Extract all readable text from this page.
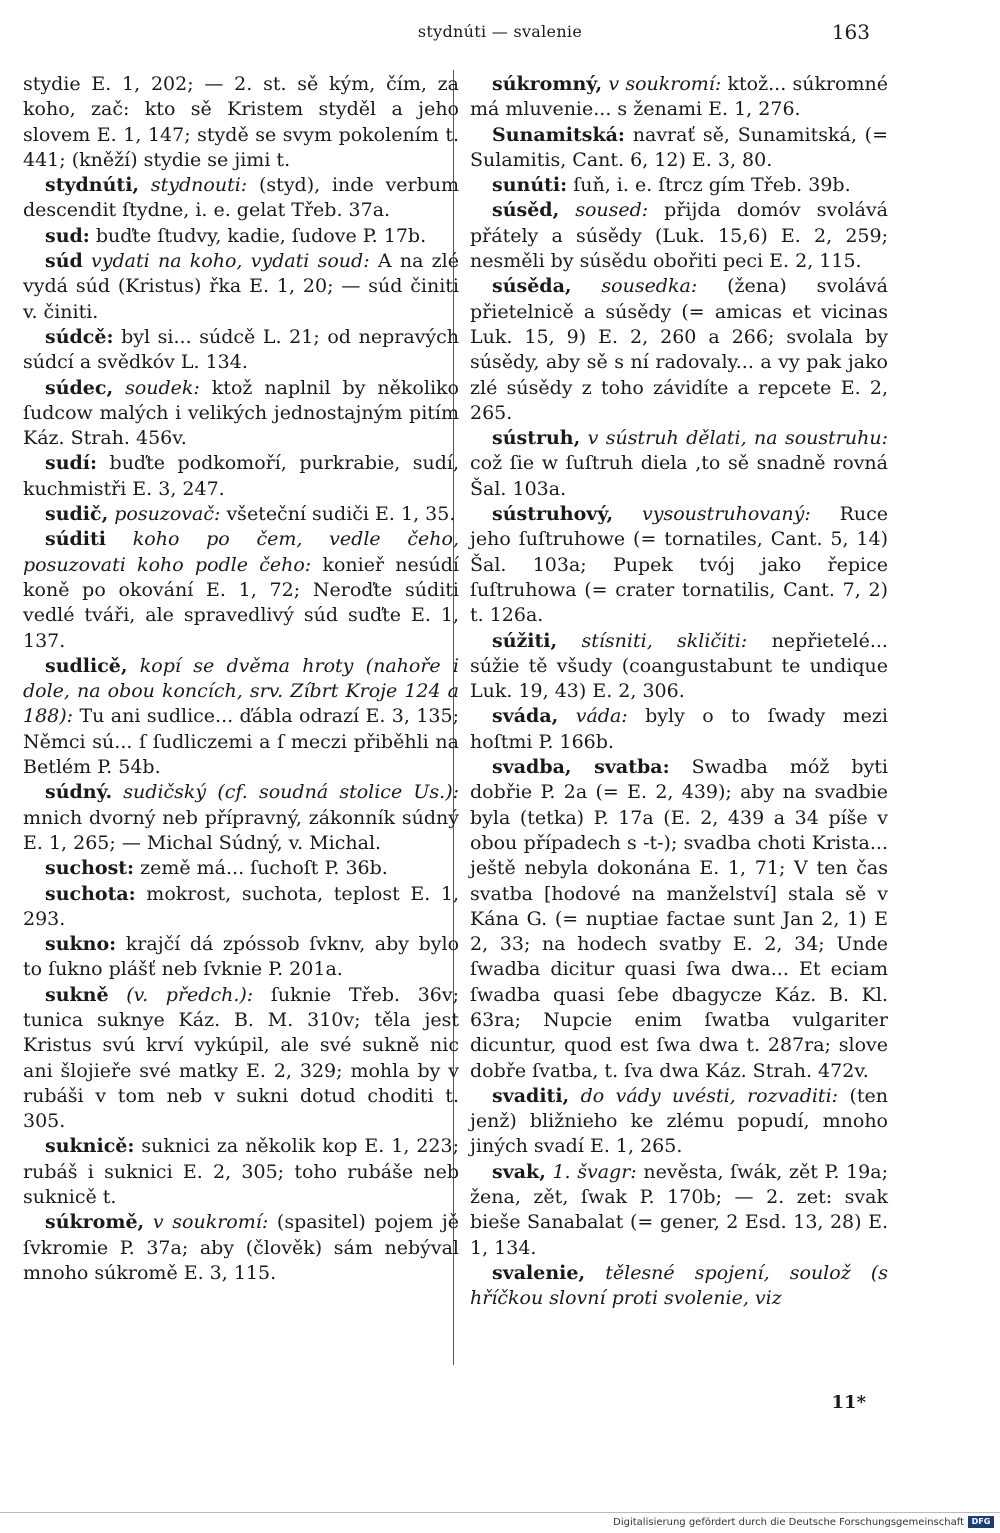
stydnúti — svalenie	163

stydie E. 1, 202; — 2. st. sě kým, čím, za koho, zač: kto sě Kristem styděl a jeho slovem E. 1, 147; stydě se svym pokolením t. 441; (kněží) stydie se jimi t.

stydnúti, stydnouti: (styd), inde verbum descendit ſtydne, i. e. gelat Třeb. 37a.

sud: buďte ſtudvy, kadie, ſudove P. 17b.

súd vydati na koho, vydati soud: A na zlé vydá súd (Kristus) řka E. 1, 20; — súd činiti v. činiti.

súdcě: byl si... súdcě L. 21; od nepravých súdcí a svědkóv L. 134.

súdec, soudek: ktož naplnil by několiko ſudcow malých i velikých jednostajným pitím Káz. Strah. 456v.

sudí: buďte podkomoří, purkrabie, sudí, kuchmistři E. 3, 247.

sudič, posuzovač: všeteční sudiči E. 1, 35.

súditi koho po čem, vedle čeho, posuzovati koho podle čeho: konieř nesúdí koně po okování E. 1, 72; Neroďte súditi vedlé tváři, ale spravedlivý súd suďte E. 1, 137.

sudlicě, kopí se dvěma hroty (nahoře i dole, na obou koncích, srv. Zíbrt Kroje 124 a 188): Tu ani sudlice... ďábla odrazí E. 3, 135; Němci sú... ſ ſudliczemi a ſ meczi přiběhli na Betlém P. 54b.

súdný. sudičský (cf. soudná stolice Us.): mnich dvorný neb přípravný, zákonník súdný E. 1, 265; — Michal Súdný, v. Michal.

suchost: země má... ſuchoſt P. 36b.

suchota: mokrost, suchota, teplost E. 1, 293.

sukno: krajčí dá zpóssob ſvknv, aby bylo to ſukno plášť neb ſvknie P. 201a.

sukně (v. předch.): ſuknie Třeb. 36v; tunica suknye Káz. B. M. 310v; těla jest Kristus svú krví vykúpil, ale své sukně nic ani šlojieře své matky E. 2, 329; mohla by v rubáši v tom neb v sukni dotud choditi t. 305.

suknicě: suknici za několik kop E. 1, 223; rubáš i suknici E. 2, 305; toho rubáše neb suknicě t.

súkromě, v soukromí: (spasitel) pojem jě ſvkromie P. 37a; aby (člověk) sám nebýval mnoho súkromě E. 3, 115.

súkromný, v soukromí: ktož... súkromné má mluvenie... s ženami E. 1, 276.

Sunamitská: navrať sě, Sunamitská, (= Sulamitis, Cant. 6, 12) E. 3, 80.

sunúti: ſuň, i. e. ſtrcz gím Třeb. 39b.

súsěd, soused: přijda domóv svolává přátely a súsědy (Luk. 15,6) E. 2, 259; nesměli by súsědu obořiti peci E. 2, 115.

súsěda, sousedka: (žena) svolává přietelnicě a súsědy (= amicas et vicinas Luk. 15, 9) E. 2, 260 a 266; svolala by súsědy, aby sě s ní radovaly... a vy pak jako zlé súsědy z toho závidíte a repcete E. 2, 265.

sústruh, v sústruh dělati, na soustruhu: což ſie w ſuſtruh diela ,to sě snadně rovná Šal. 103a.

sústruhový, vysoustruhovaný: Ruce jeho ſuſtruhowe (= tornatiles, Cant. 5, 14) Šal. 103a; Pupek tvój jako řepice ſuſtruhowa (= crater tornatilis, Cant. 7, 2) t. 126a.

súžiti, stísniti, skličiti: nepřietelé... súžie tě všudy (coangustabunt te undique Luk. 19, 43) E. 2, 306.

sváda, váda: byly o to ſwady mezi hoſtmi P. 166b.

svadba, svatba: Swadba móž byti dobřie P. 2a (= E. 2, 439); aby na svadbie byla (tetka) P. 17a (E. 2, 439 a 34 píše v obou případech s -t-); svadba choti Krista... ještě nebyla dokonána E. 1, 71; V ten čas svatba [hodové na manželství] stala sě v Kána G. (= nuptiae factae sunt Jan 2, 1) E 2, 33; na hodech svatby E. 2, 34; Unde ſwadba dicitur quasi ſwa dwa... Et eciam ſwadba quasi ſebe dbagycze Káz. B. Kl. 63ra; Nupcie enim ſwatba vulgariter dicuntur, quod est ſwa dwa t. 287ra; slove dobře ſvatba, t. ſva dwa Káz. Strah. 472v.

svaditi, do vády uvésti, rozvaditi: (ten jenž) bližnieho ke zlému popudí, mnoho jiných svadí E. 1, 265.

svak, 1. švagr: nevěsta, ſwák, zět P. 19a; žena, zět, ſwak P. 170b; — 2. zet: svak bieše Sanabalat (= gener, 2 Esd. 13, 28) E. 1, 134.

svalenie, tělesné spojení, soulož (s hříčkou slovní proti svolenie, viz

11*
Digitalisierung gefördert durch die Deutsche Forschungsgemeinschaft DFG
